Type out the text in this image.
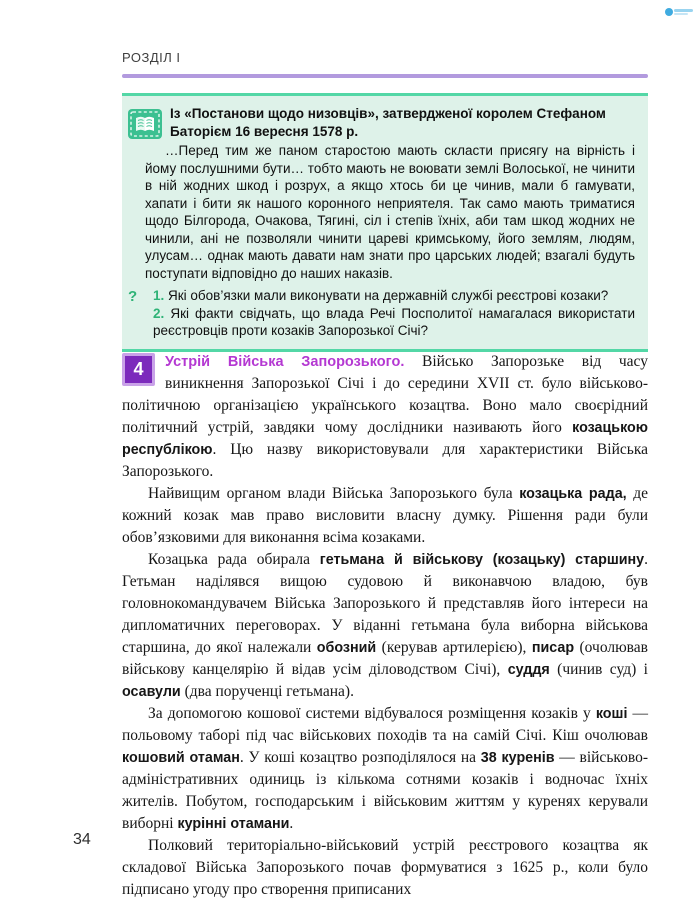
РОЗДІЛ I
Із «Постанови щодо низовців», затвердженої королем Стефаном Баторієм 16 вересня 1578 р.
…Перед тим же паном старостою мають скласти присягу на вірність і йому послушними бути… тобто мають не воювати землі Волоської, не чинити в ній жодних шкод і розрух, а якщо хтось би це чинив, мали б гамувати, хапати і бити як нашого коронного неприятеля. Так само мають триматися щодо Білгорода, Очакова, Тягині, сіл і степів їхніх, аби там шкод жодних не чинили, ані не позволяли чинити цареві кримському, його землям, людям, улусам… однак мають давати нам знати про царських людей; взагалі будуть поступати відповідно до наших наказів.
?	1. Які обов’язки мали виконувати на державній службі реєстрові козаки?
2. Які факти свідчать, що влада Речі Посполитої намагалася використати реєстровців проти козаків Запорозької Січі?

4	Устрій Війська Запорозького. Військо Запорозьке від часу виникнення Запорозької Січі і до середини XVII ст. було військово-політичною організацією українського козацтва. Воно мало своєрідний політичний устрій, завдяки чому дослідники називають його козацькою республікою. Цю назву використовували для характеристики Війська Запорозького.

Найвищим органом влади Війська Запорозького була козацька рада, де кожний козак мав право висловити власну думку. Рішення ради були обов’язковими для виконання всіма козаками.

Козацька рада обирала гетьмана й військову (козацьку) старшину. Гетьман наділявся вищою судовою й виконавчою владою, був головнокомандувачем Війська Запорозького й представляв його інтереси на дипломатичних переговорах. У віданні гетьмана була виборна військова старшина, до якої належали обозний (керував артилерією), писар (очолював військову канцелярію й відав усім діловодством Січі), суддя (чинив суд) і осавули (два порученці гетьмана).

За допомогою кошової системи відбувалося розміщення козаків у коші — польовому таборі під час військових походів та на самій Січі. Кіш очолював кошовий отаман. У коші козацтво розподілялося на 38 куренів — військово-адміністративних одиниць із кількома сотнями козаків і водночас їхніх жителів. Побутом, господарським і військовим життям у куренях керували виборні курінні отамани.

Полковий територіально-військовий устрій реєстрового козацтва як складової Війська Запорозького почав формуватися з 1625 р., коли було підписано угоду про створення приписаних

34
